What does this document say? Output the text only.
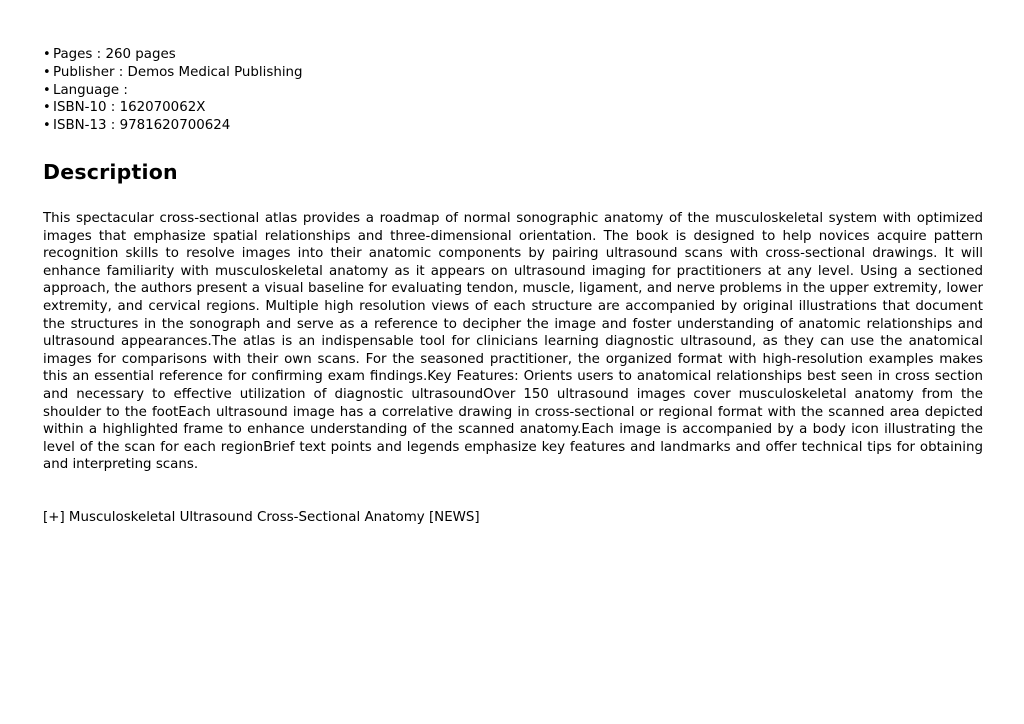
• Pages : 260 pages
• Publisher : Demos Medical Publishing
• Language :
• ISBN-10 : 162070062X
• ISBN-13 : 9781620700624
Description

This spectacular cross-sectional atlas provides a roadmap of normal sonographic anatomy of the musculoskeletal system with optimized images that emphasize spatial relationships and three-dimensional orientation. The book is designed to help novices acquire pattern recognition skills to resolve images into their anatomic components by pairing ultrasound scans with cross-sectional drawings. It will enhance familiarity with musculoskeletal anatomy as it appears on ultrasound imaging for practitioners at any level. Using a sectioned approach, the authors present a visual baseline for evaluating tendon, muscle, ligament, and nerve problems in the upper extremity, lower extremity, and cervical regions. Multiple high resolution views of each structure are accompanied by original illustrations that document the structures in the sonograph and serve as a reference to decipher the image and foster understanding of anatomic relationships and ultrasound appearances.The atlas is an indispensable tool for clinicians learning diagnostic ultrasound, as they can use the anatomical images for comparisons with their own scans. For the seasoned practitioner, the organized format with high-resolution examples makes this an essential reference for confirming exam findings.Key Features: Orients users to anatomical relationships best seen in cross section and necessary to effective utilization of diagnostic ultrasoundOver 150 ultrasound images cover musculoskeletal anatomy from the shoulder to the footEach ultrasound image has a correlative drawing in cross-sectional or regional format with the scanned area depicted within a highlighted frame to enhance understanding of the scanned anatomy.Each image is accompanied by a body icon illustrating the level of the scan for each regionBrief text points and legends emphasize key features and landmarks and offer technical tips for obtaining and interpreting scans.

[+] Musculoskeletal Ultrasound Cross-Sectional Anatomy [NEWS]
